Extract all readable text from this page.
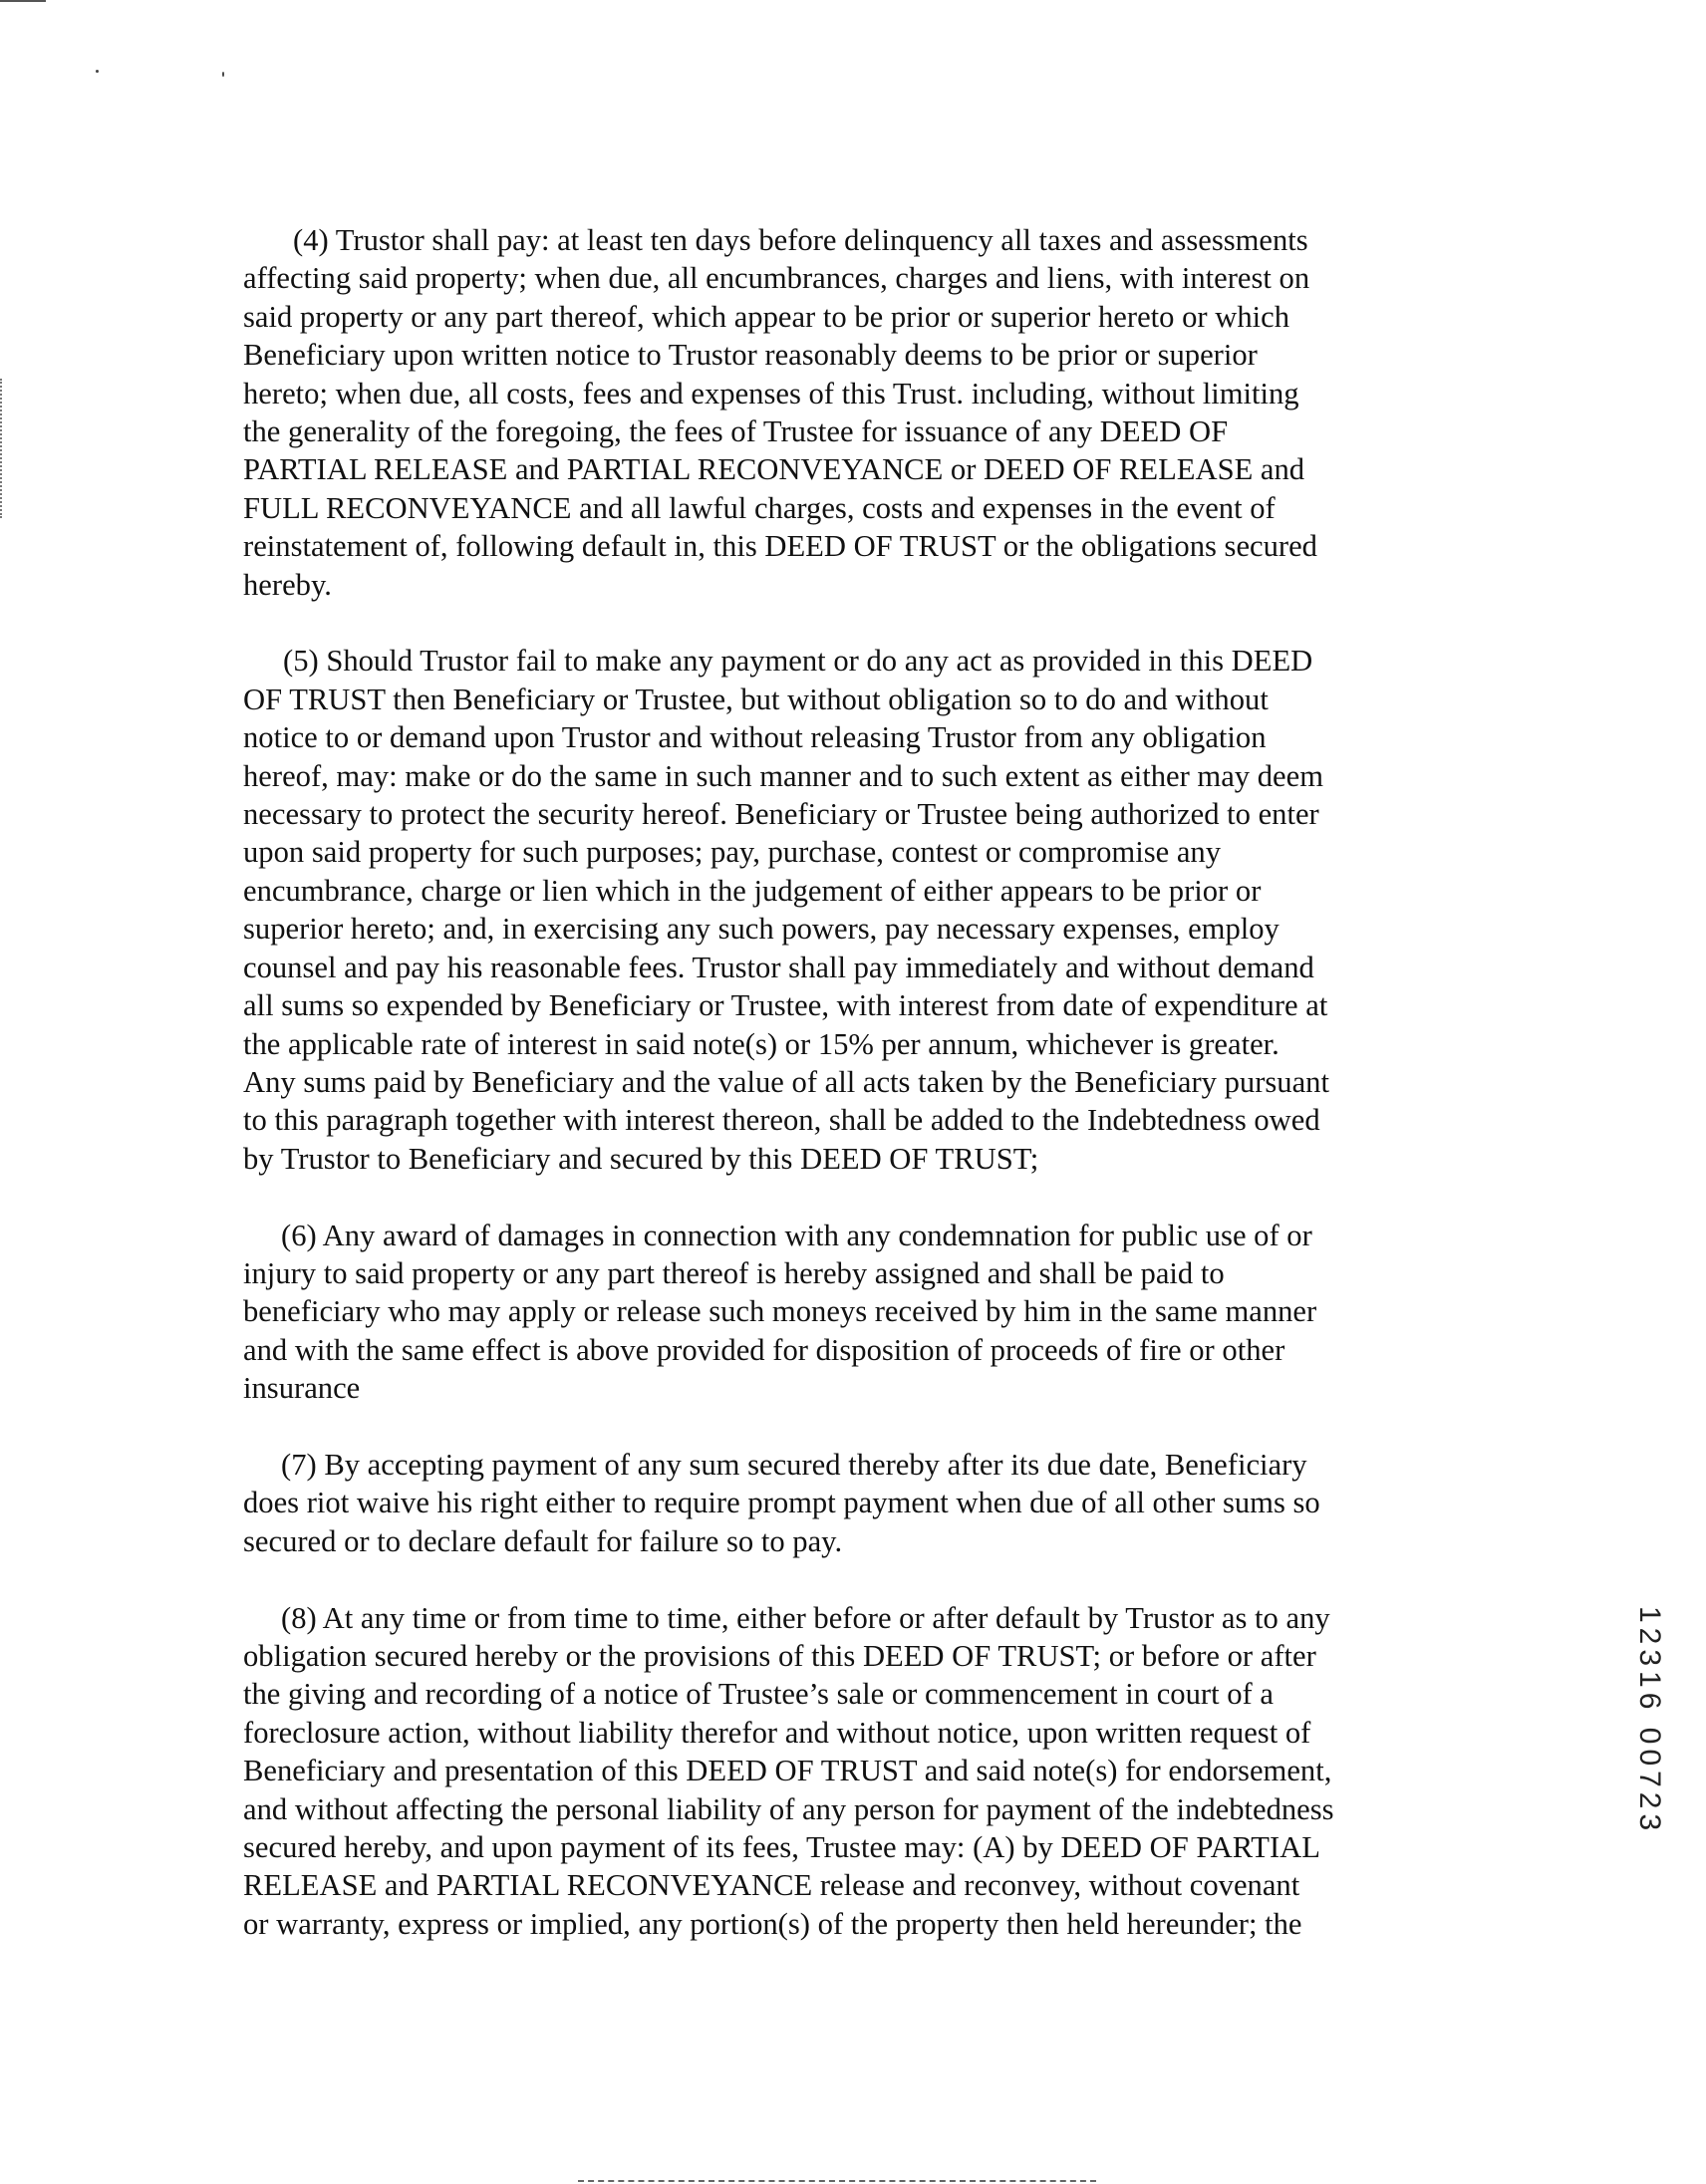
(4) Trustor shall pay: at least ten days before delinquency all taxes and assessments
affecting said property; when due, all encumbrances, charges and liens, with interest on
said property or any part thereof, which appear to be prior or superior hereto or which
Beneficiary upon written notice to Trustor reasonably deems to be prior or superior
hereto; when due, all costs, fees and expenses of this Trust. including, without limiting
the generality of the foregoing, the fees of Trustee for issuance of any DEED OF
PARTIAL RELEASE and PARTIAL RECONVEYANCE or DEED OF RELEASE and
FULL RECONVEYANCE and all lawful charges, costs and expenses in the event of
reinstatement of, following default in, this DEED OF TRUST or the obligations secured
hereby.

(5) Should Trustor fail to make any payment or do any act as provided in this DEED
OF TRUST then Beneficiary or Trustee, but without obligation so to do and without
notice to or demand upon Trustor and without releasing Trustor from any obligation
hereof, may: make or do the same in such manner and to such extent as either may deem
necessary to protect the security hereof. Beneficiary or Trustee being authorized to enter
upon said property for such purposes; pay, purchase, contest or compromise any
encumbrance, charge or lien which in the judgement of either appears to be prior or
superior hereto; and, in exercising any such powers, pay necessary expenses, employ
counsel and pay his reasonable fees. Trustor shall pay immediately and without demand
all sums so expended by Beneficiary or Trustee, with interest from date of expenditure at
the applicable rate of interest in said note(s) or 15% per annum, whichever is greater.
Any sums paid by Beneficiary and the value of all acts taken by the Beneficiary pursuant
to this paragraph together with interest thereon, shall be added to the Indebtedness owed
by Trustor to Beneficiary and secured by this DEED OF TRUST;

(6) Any award of damages in connection with any condemnation for public use of or
injury to said property or any part thereof is hereby assigned and shall be paid to
beneficiary who may apply or release such moneys received by him in the same manner
and with the same effect is above provided for disposition of proceeds of fire or other
insurance

(7) By accepting payment of any sum secured thereby after its due date, Beneficiary
does riot waive his right either to require prompt payment when due of all other sums so
secured or to declare default for failure so to pay.

(8) At any time or from time to time, either before or after default by Trustor as to any
obligation secured hereby or the provisions of this DEED OF TRUST; or before or after
the giving and recording of a notice of Trustee’s sale or commencement in court of a
foreclosure action, without liability therefor and without notice, upon written request of
Beneficiary and presentation of this DEED OF TRUST and said note(s) for endorsement,
and without affecting the personal liability of any person for payment of the indebtedness
secured hereby, and upon payment of its fees, Trustee may: (A) by DEED OF PARTIAL
RELEASE and PARTIAL RECONVEYANCE release and reconvey, without covenant
or warranty, express or implied, any portion(s) of the property then held hereunder; the

12316 00723
